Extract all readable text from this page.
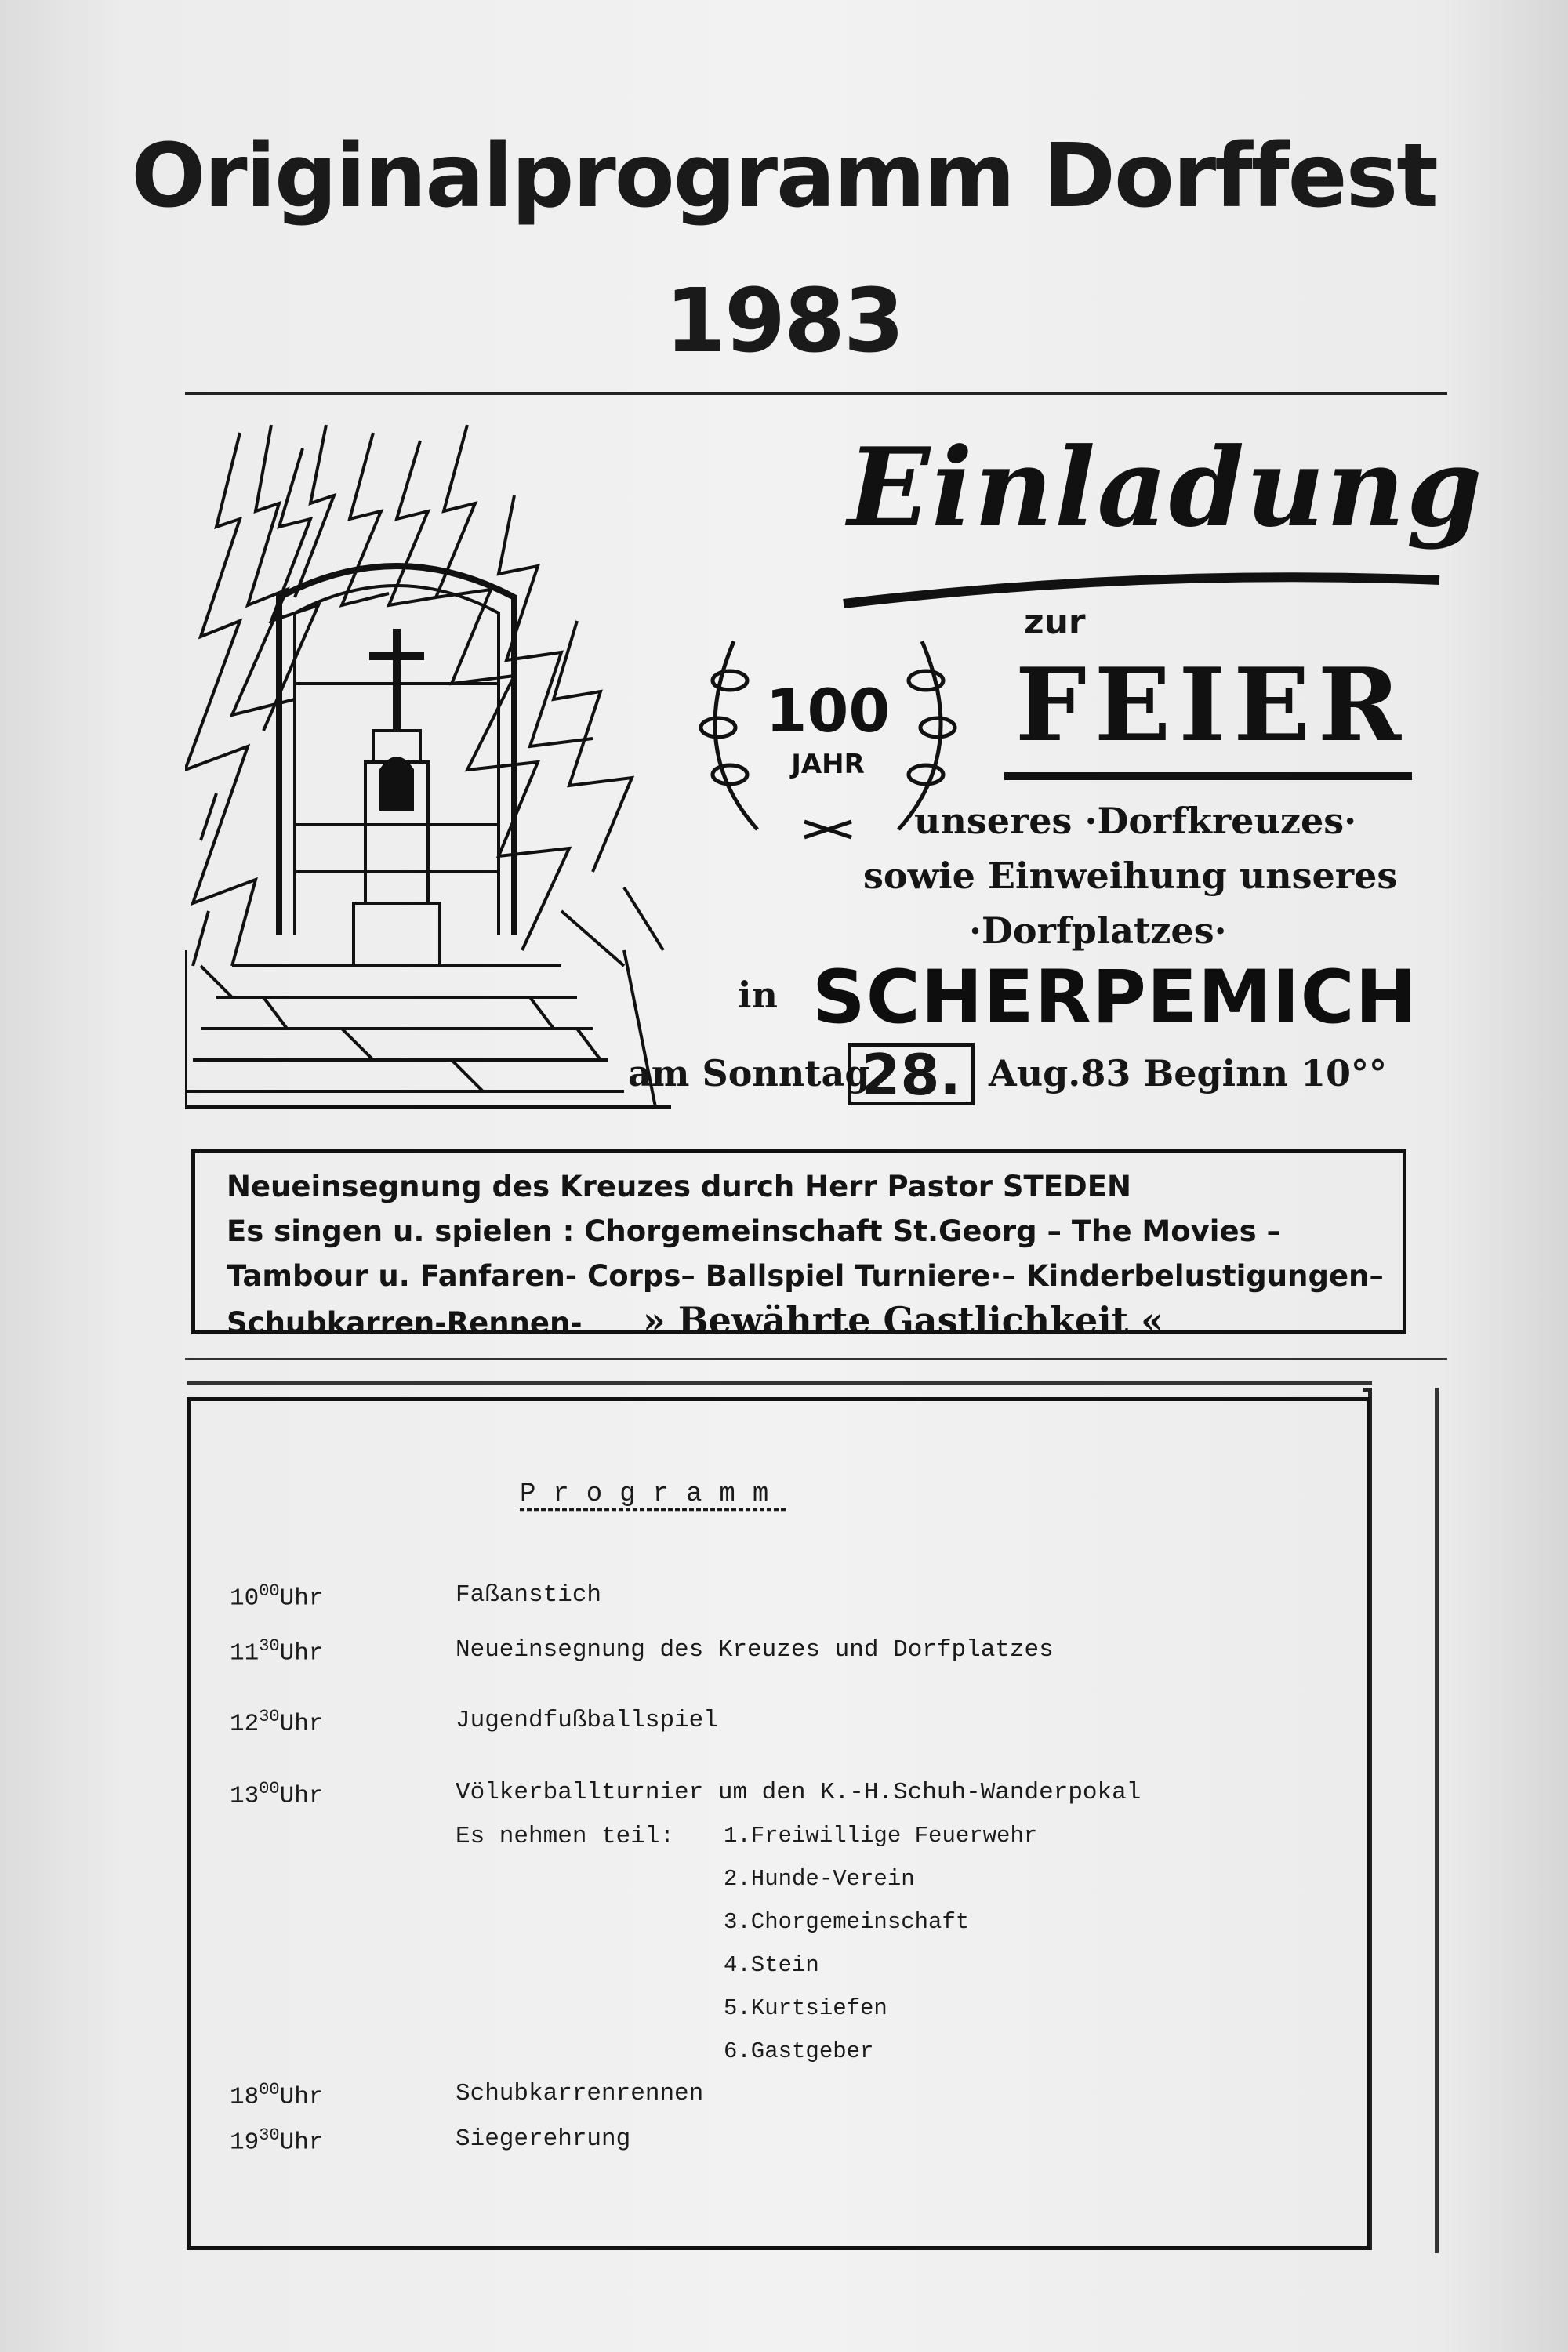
Originalprogramm Dorffest
1983
Einladung
zur
100
JAHR	FEIER
unseres ·Dorfkreuzes·
sowie Einweihung unseres
·Dorfplatzes·
in SCHERPEMICH
am Sonntag.
28. Aug.83 Beginn 10°°
Neueinsegnung des Kreuzes durch Herr Pastor STEDEN
Es singen u. spielen : Chorgemeinschaft St.Georg – The Movies –
Tambour u. Fanfaren- Corps– Ballspiel Turniere·– Kinderbelustigungen–
Schubkarren-Rennen- » Bewährte Gastlichkeit «
Programm
$10^{00}Uhr$	Faßanstich
$11^{30}Uhr$	Neueinsegnung des Kreuzes und Dorfplatzes
$12^{30}Uhr$	Jugendfußballspiel
$13^{00}Uhr$	Völkerballturnier um den K.-H.Schuh-Wanderpokal
Es nehmen teil: 1.Freiwillige Feuerwehr
2.Hunde-Verein
3.Chorgemeinschaft
4.Stein
5.Kurtsiefen
6.Gastgeber
$18^{00}Uhr$	Schubkarrenrennen
$19^{30}Uhr$	Siegerehrung
